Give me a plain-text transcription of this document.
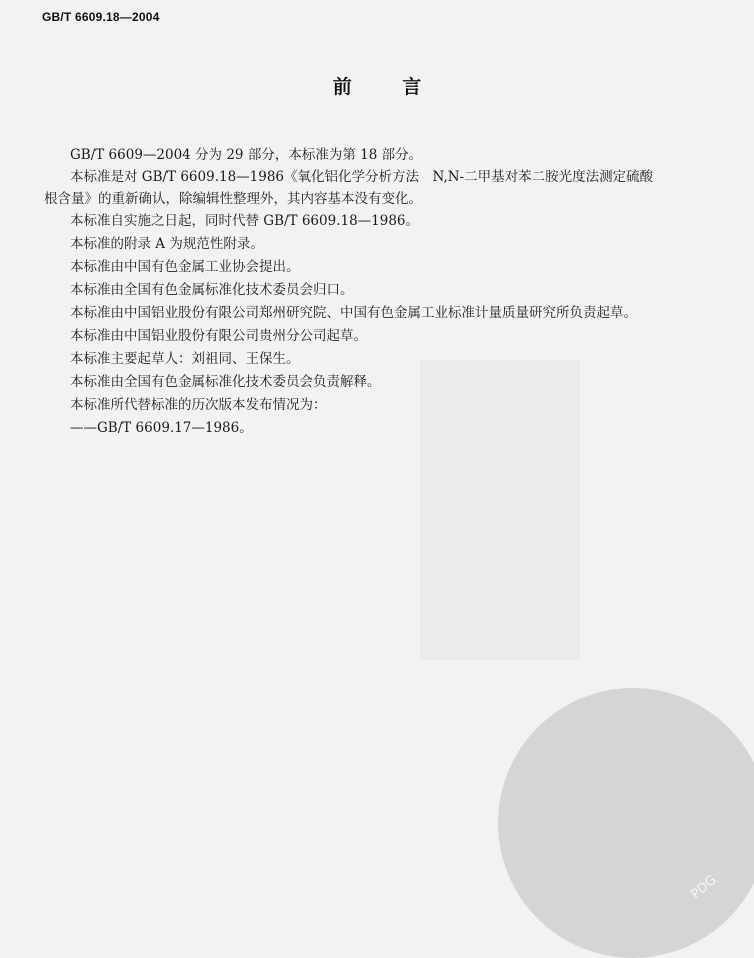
PDG
GB/T 6609.18—2004
前 言
GB/T 6609—2004 分为 29 部分，本标准为第 18 部分。
本标准是对 GB/T 6609.18—1986《氧化铝化学分析方法　N,N-二甲基对苯二胺光度法测定硫酸
根含量》的重新确认，除编辑性整理外，其内容基本没有变化。
本标准自实施之日起，同时代替 GB/T 6609.18—1986。
本标准的附录 A 为规范性附录。
本标准由中国有色金属工业协会提出。
本标准由全国有色金属标准化技术委员会归口。
本标准由中国铝业股份有限公司郑州研究院、中国有色金属工业标准计量质量研究所负责起草。
本标准由中国铝业股份有限公司贵州分公司起草。
本标准主要起草人：刘祖同、王保生。
本标准由全国有色金属标准化技术委员会负责解释。
本标准所代替标准的历次版本发布情况为：
——GB/T 6609.17—1986。
